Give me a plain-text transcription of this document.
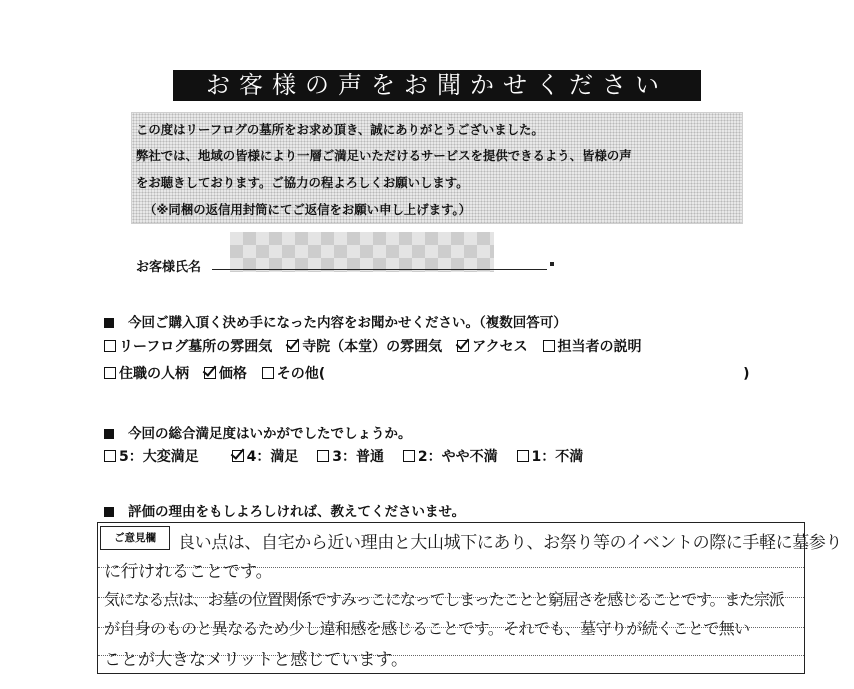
お客様の声をお聞かせください
この度はリーフログの墓所をお求め頂き、誠にありがとうございました。
弊社では、地域の皆様により一層ご満足いただけるサービスを提供できるよう、皆様の声
をお聴きしております。ご協力の程よろしくお願いします。
（※同梱の返信用封筒にてご返信をお願い申し上げます。）
お客様氏名
今回ご購入頂く決め手になった内容をお聞かせください。（複数回答可）
リーフログ墓所の雰囲気 寺院（本堂）の雰囲気 アクセス 担当者の説明
住職の人柄 価格 その他(	)
今回の総合満足度はいかがでしたでしょうか。
5：大変満足	4：満足 3：普通 2：やや不満 1：不満
評価の理由をもしよろしければ、教えてくださいませ。
ご意見欄	良い点は、自宅から近い理由と大山城下にあり、お祭り等のイベントの際に手軽に墓参り
に行けれることです。
気になる点は、お墓の位置関係ですみっこになってしまったことと窮屈さを感じることです。また宗派
が自身のものと異なるため少し違和感を感じることです。それでも、墓守りが続くことで無い
ことが大きなメリットと感じています。
